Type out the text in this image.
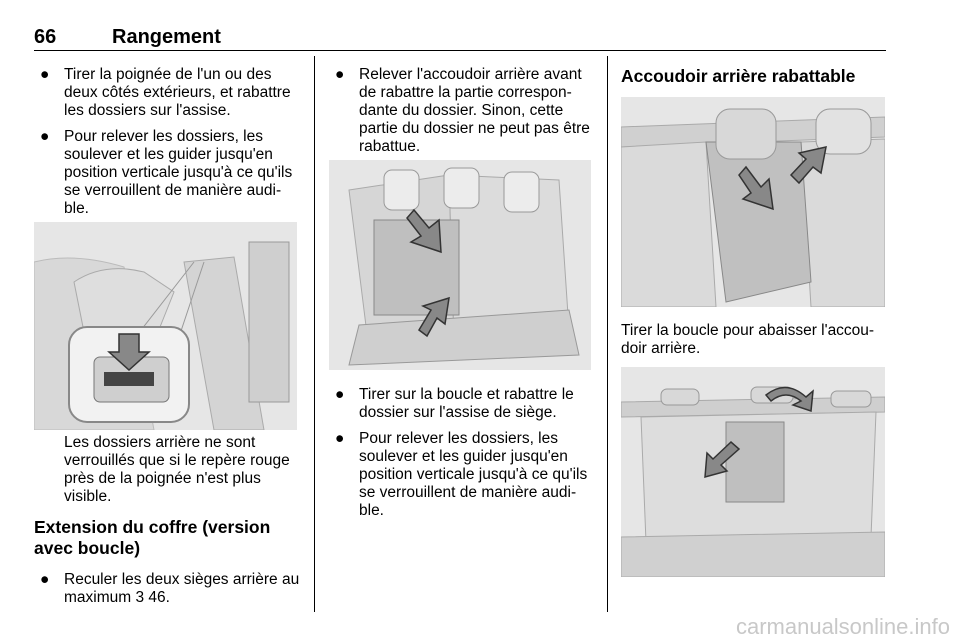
66	Rangement

● Tirer la poignée de l'un ou des deux côtés extérieurs, et rabattre les dossiers sur l'assise.

● Pour relever les dossiers, les soulever et les guider jusqu'en position verticale jusqu'à ce qu'ils se verrouillent de manière audi-ble.

Les dossiers arrière ne sont verrouillés que si le repère rouge près de la poignée n'est plus visible.

Extension du coffre (version avec boucle)

● Reculer les deux sièges arrière au maximum 3 46.

● Relever l'accoudoir arrière avant de rabattre la partie correspon-dante du dossier. Sinon, cette partie du dossier ne peut pas être rabattue.

● Tirer sur la boucle et rabattre le dossier sur l'assise de siège.

● Pour relever les dossiers, les soulever et les guider jusqu'en position verticale jusqu'à ce qu'ils se verrouillent de manière audi-ble.

Accoudoir arrière rabattable

Tirer la boucle pour abaisser l'accou-doir arrière.

carmanualsonline.info
